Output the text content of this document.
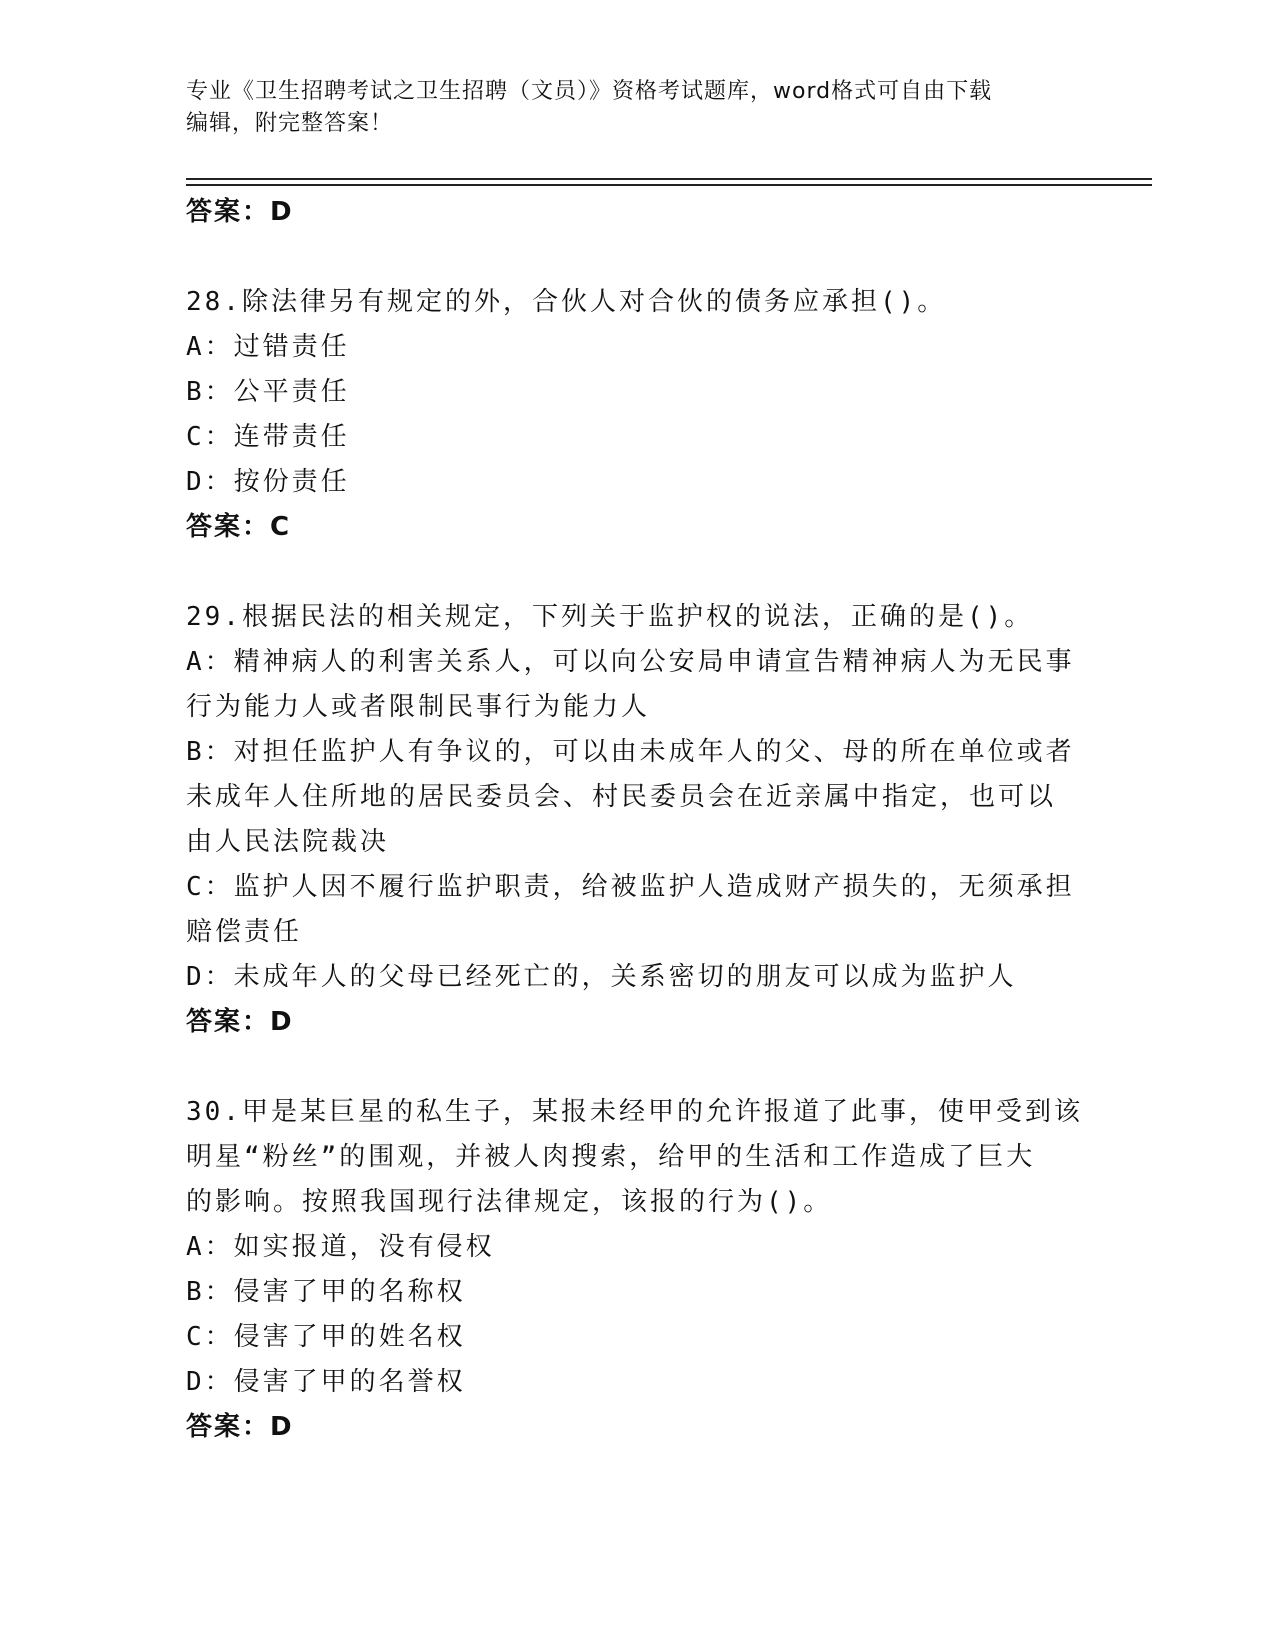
专业《卫生招聘考试之卫生招聘（文员）》资格考试题库，word格式可自由下载
编辑，附完整答案！
答案：D
28.除法律另有规定的外，合伙人对合伙的债务应承担()。
A：过错责任
B：公平责任
C：连带责任
D：按份责任
答案：C
29.根据民法的相关规定，下列关于监护权的说法，正确的是()。
A：精神病人的利害关系人，可以向公安局申请宣告精神病人为无民事
行为能力人或者限制民事行为能力人
B：对担任监护人有争议的，可以由未成年人的父、母的所在单位或者
未成年人住所地的居民委员会、村民委员会在近亲属中指定，也可以
由人民法院裁决
C：监护人因不履行监护职责，给被监护人造成财产损失的，无须承担
赔偿责任
D：未成年人的父母已经死亡的，关系密切的朋友可以成为监护人
答案：D
30.甲是某巨星的私生子，某报未经甲的允许报道了此事，使甲受到该
明星“粉丝”的围观，并被人肉搜索，给甲的生活和工作造成了巨大
的影响。按照我国现行法律规定，该报的行为()。
A：如实报道，没有侵权
B：侵害了甲的名称权
C：侵害了甲的姓名权
D：侵害了甲的名誉权
答案：D
